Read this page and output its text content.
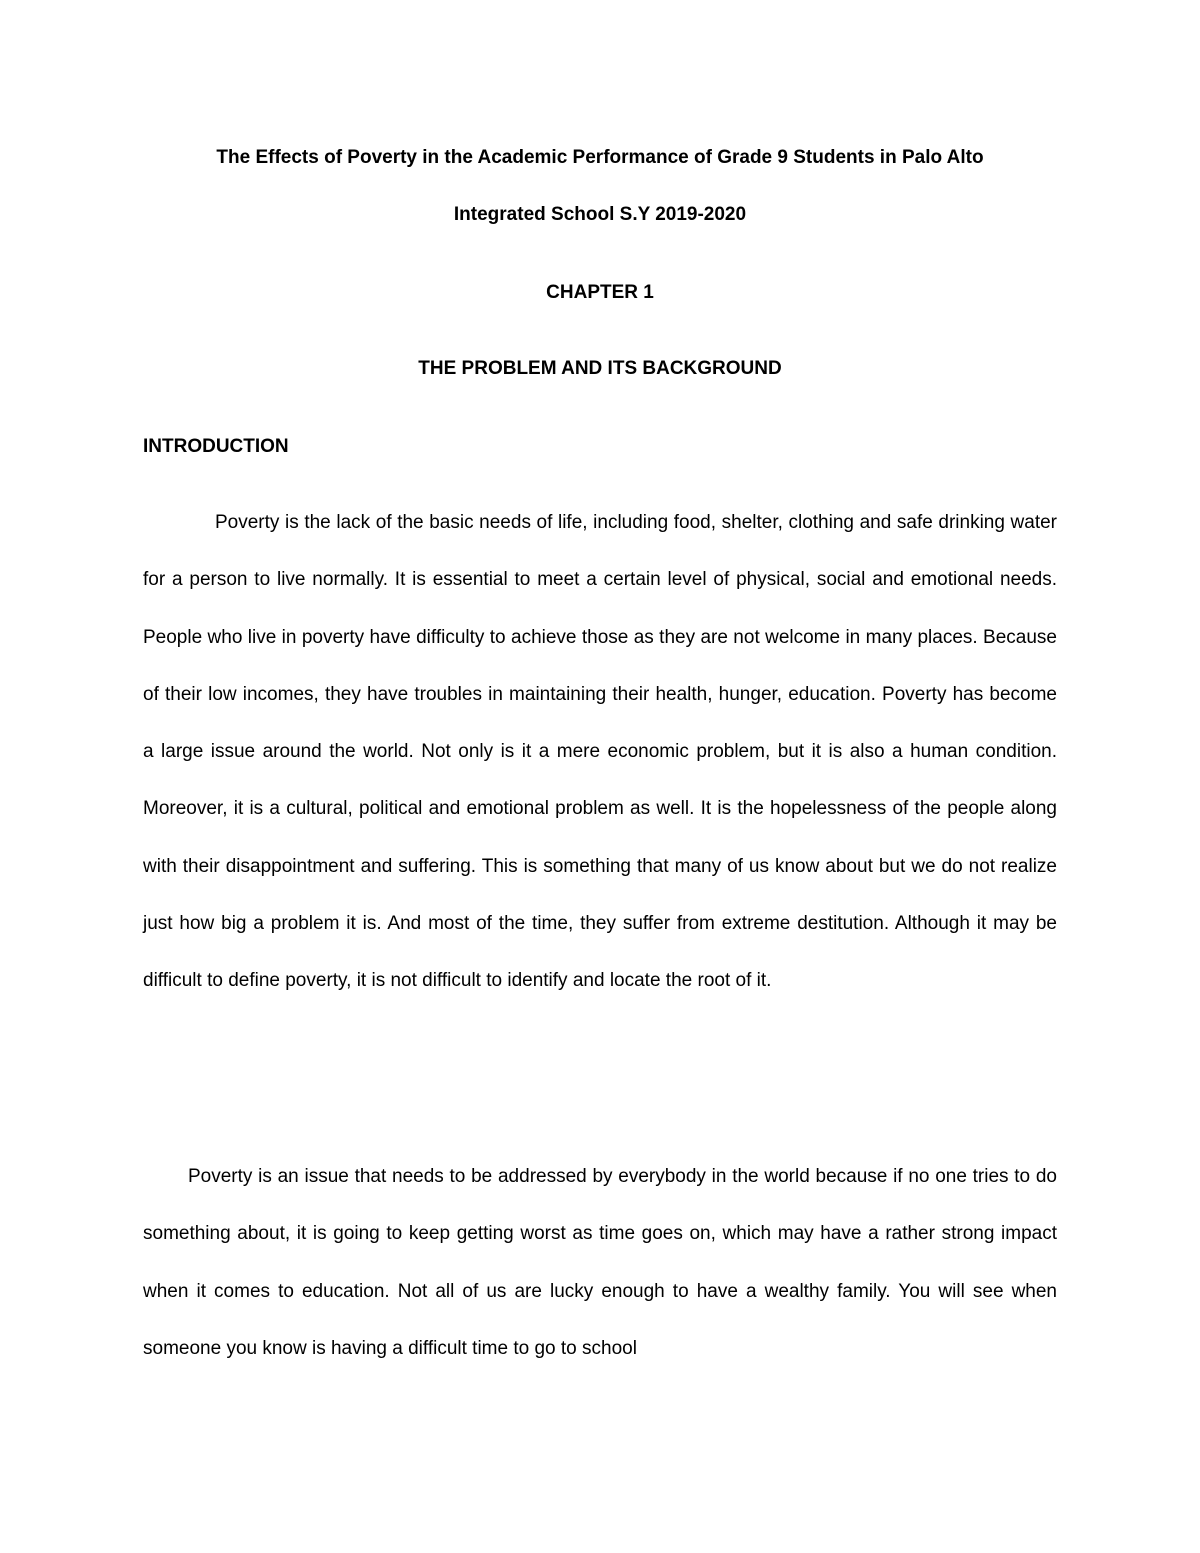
The Effects of Poverty in the Academic Performance of Grade 9 Students in Palo Alto
Integrated School S.Y 2019-2020
CHAPTER 1
THE PROBLEM AND ITS BACKGROUND
INTRODUCTION

Poverty is the lack of the basic needs of life, including food, shelter, clothing and safe drinking water for a person to live normally. It is essential to meet a certain level of physical, social and emotional needs. People who live in poverty have difficulty to achieve those as they are not welcome in many places. Because of their low incomes, they have troubles in maintaining their health, hunger, education. Poverty has become a large issue around the world. Not only is it a mere economic problem, but it is also a human condition. Moreover, it is a cultural, political and emotional problem as well. It is the hopelessness of the people along with their disappointment and suffering. This is something that many of us know about but we do not realize just how big a problem it is. And most of the time, they suffer from extreme destitution. Although it may be difficult to define poverty, it is not difficult to identify and locate the root of it.

Poverty is an issue that needs to be addressed by everybody in the world because if no one tries to do something about, it is going to keep getting worst as time goes on, which may have a rather strong impact when it comes to education. Not all of us are lucky enough to have a wealthy family. You will see when someone you know is having a difficult time to go to school
